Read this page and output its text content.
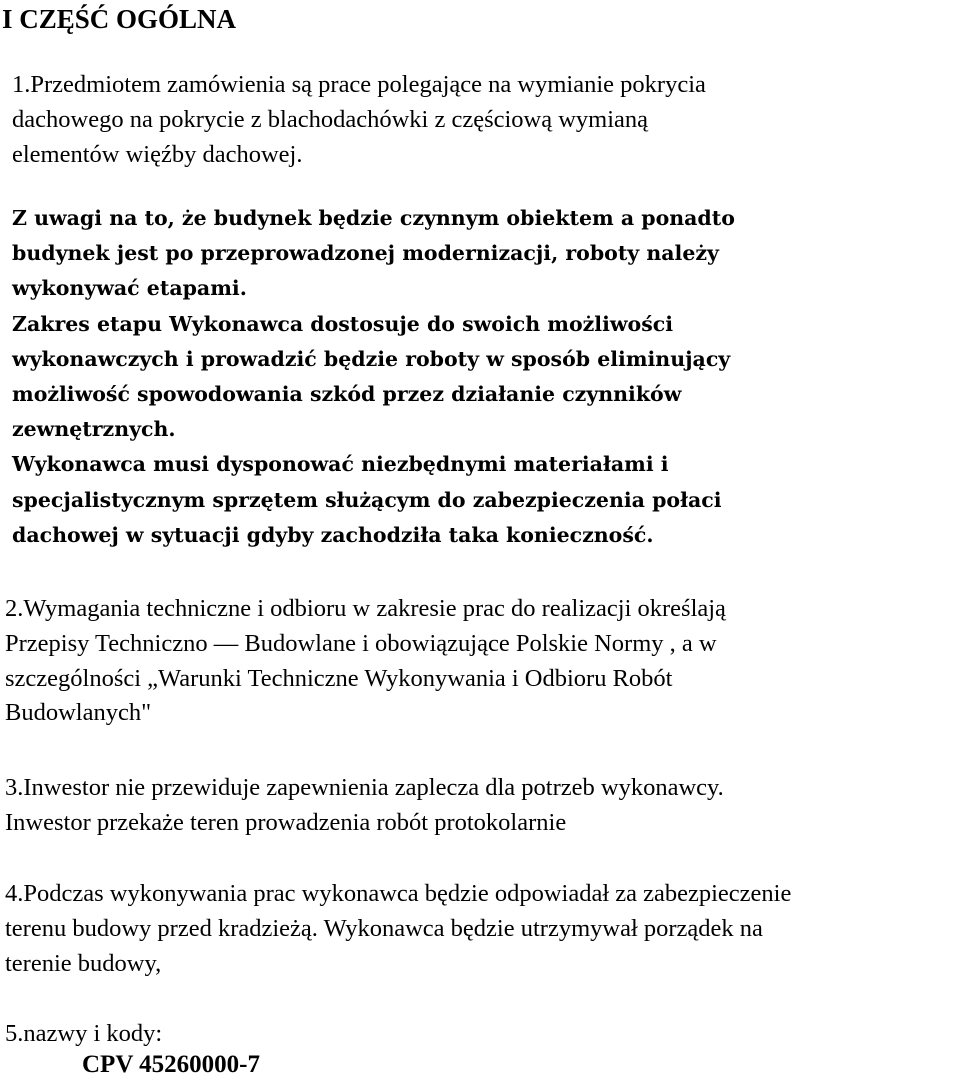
I CZĘŚĆ OGÓLNA

1.Przedmiotem zamówienia są prace polegające na wymianie pokrycia
dachowego na pokrycie z blachodachówki z częściową wymianą
elementów więźby dachowej.

Z uwagi na to, że budynek będzie czynnym obiektem a ponadto
budynek jest po przeprowadzonej modernizacji, roboty należy
wykonywać etapami.
Zakres etapu Wykonawca dostosuje do swoich możliwości
wykonawczych i prowadzić będzie roboty w sposób eliminujący
możliwość spowodowania szkód przez działanie czynników
zewnętrznych.
Wykonawca musi dysponować niezbędnymi materiałami i
specjalistycznym sprzętem służącym do zabezpieczenia połaci
dachowej w sytuacji gdyby zachodziła taka konieczność.

2.Wymagania techniczne i odbioru w zakresie prac do realizacji określają
Przepisy Techniczno — Budowlane i obowiązujące Polskie Normy , a w
szczególności „Warunki Techniczne Wykonywania i Odbioru Robót
Budowlanych"

3.Inwestor nie przewiduje zapewnienia zaplecza dla potrzeb wykonawcy.
Inwestor przekaże teren prowadzenia robót protokolarnie

4.Podczas wykonywania prac wykonawca będzie odpowiadał za zabezpieczenie
terenu budowy przed kradzieżą. Wykonawca będzie utrzymywał porządek na
terenie budowy,

5.nazwy i kody:

CPV 45260000-7
